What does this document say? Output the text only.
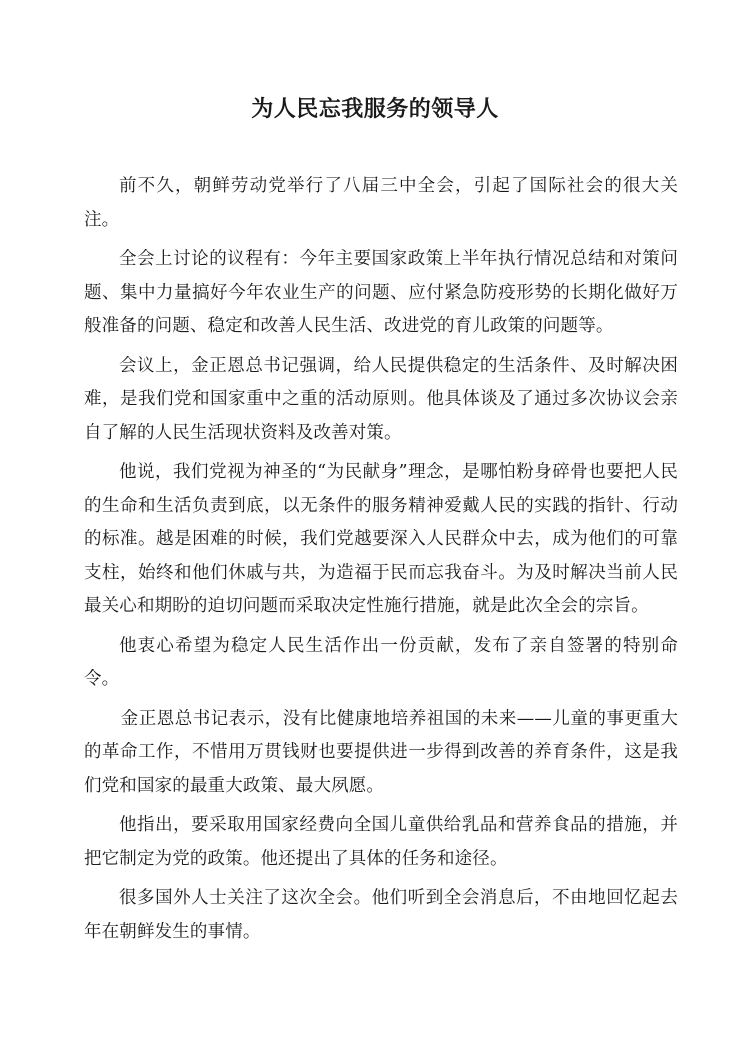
为人民忘我服务的领导人

前不久，朝鲜劳动党举行了八届三中全会，引起了国际社会的很大关注。

全会上讨论的议程有：今年主要国家政策上半年执行情况总结和对策问题、集中力量搞好今年农业生产的问题、应付紧急防疫形势的长期化做好万般准备的问题、稳定和改善人民生活、改进党的育儿政策的问题等。

会议上，金正恩总书记强调，给人民提供稳定的生活条件、及时解决困难，是我们党和国家重中之重的活动原则。他具体谈及了通过多次协议会亲自了解的人民生活现状资料及改善对策。

他说，我们党视为神圣的“为民献身”理念，是哪怕粉身碎骨也要把人民的生命和生活负责到底，以无条件的服务精神爱戴人民的实践的指针、行动的标准。越是困难的时候，我们党越要深入人民群众中去，成为他们的可靠支柱，始终和他们休戚与共，为造福于民而忘我奋斗。为及时解决当前人民最关心和期盼的迫切问题而采取决定性施行措施，就是此次全会的宗旨。

他衷心希望为稳定人民生活作出一份贡献，发布了亲自签署的特别命令。

金正恩总书记表示，没有比健康地培养祖国的未来——儿童的事更重大的革命工作，不惜用万贯钱财也要提供进一步得到改善的养育条件，这是我们党和国家的最重大政策、最大夙愿。

他指出，要采取用国家经费向全国儿童供给乳品和营养食品的措施，并把它制定为党的政策。他还提出了具体的任务和途径。

很多国外人士关注了这次全会。他们听到全会消息后，不由地回忆起去年在朝鲜发生的事情。
